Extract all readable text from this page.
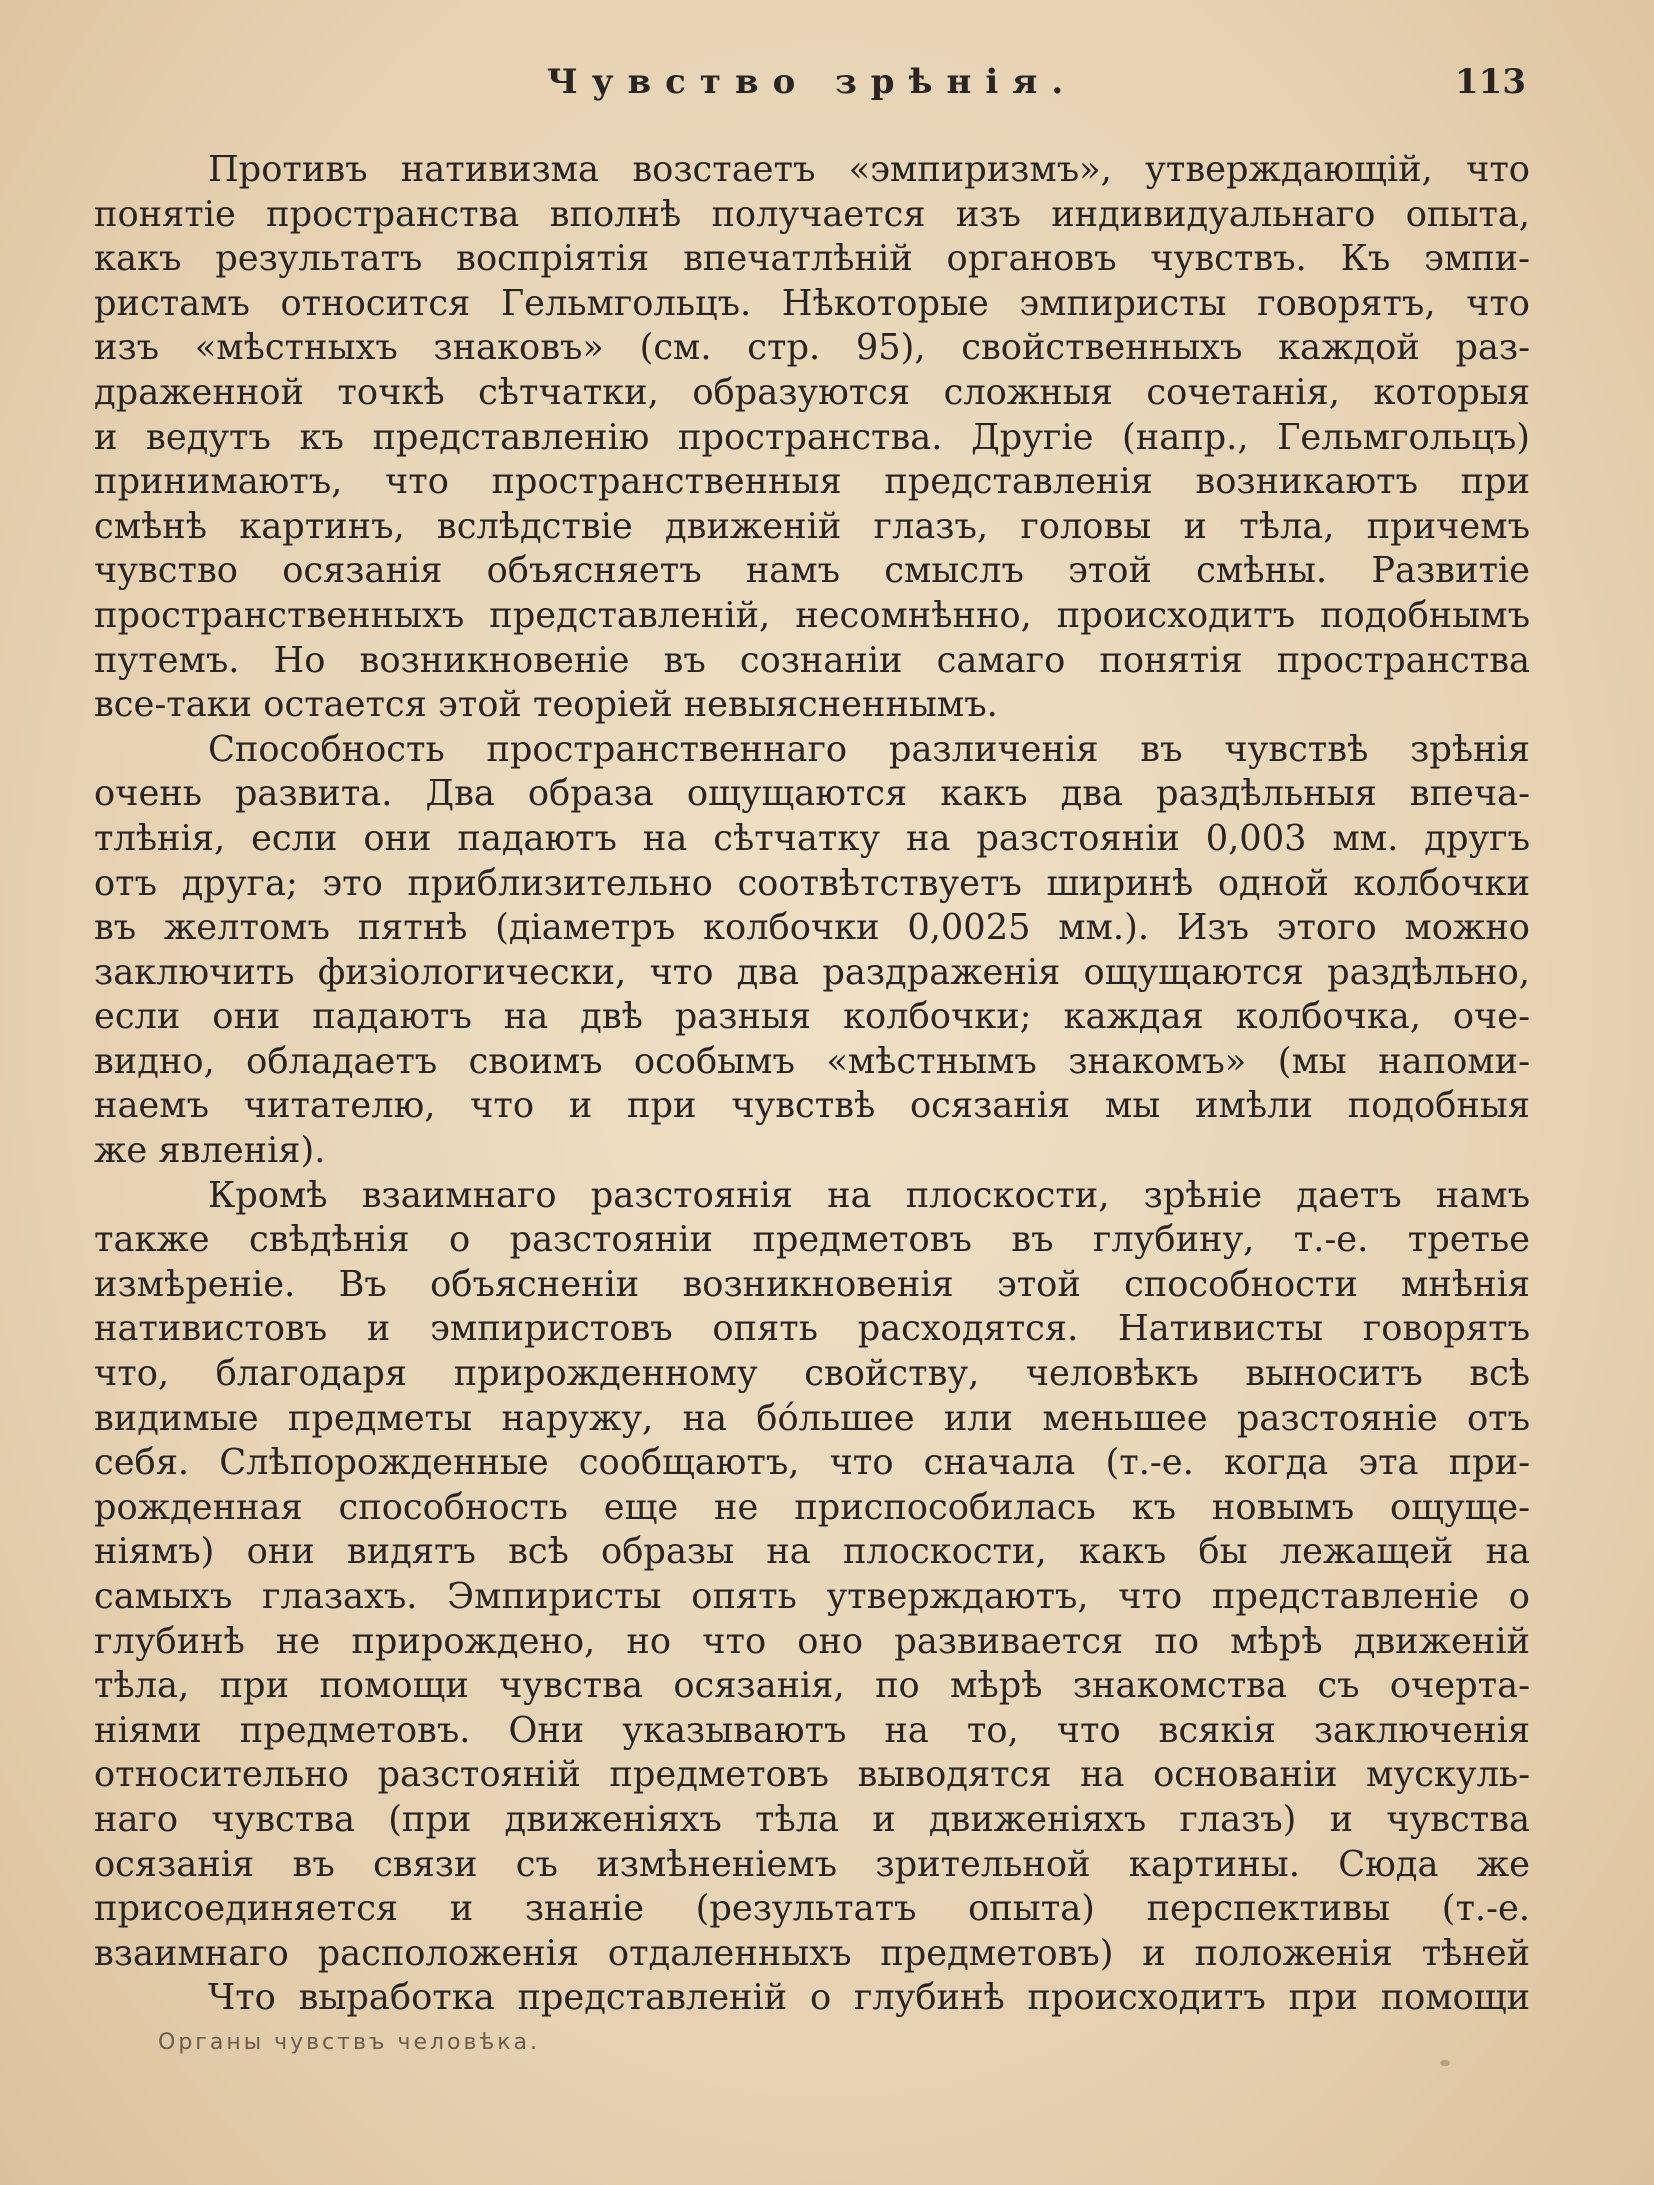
Чувство зрѣнія.	113
Противъ нативизма возстаетъ «эмпиризмъ», утверждающій, что
понятіе пространства вполнѣ получается изъ индивидуальнаго опыта,
какъ результатъ воспріятія впечатлѣній органовъ чувствъ. Къ эмпи-
ристамъ относится Гельмгольцъ. Нѣкоторые эмпиристы говорятъ, что
изъ «мѣстныхъ знаковъ» (см. стр. 95), свойственныхъ каждой раз-
драженной точкѣ сѣтчатки, образуются сложныя сочетанія, которыя
и ведутъ къ представленію пространства. Другіе (напр., Гельмгольцъ)
принимаютъ, что пространственныя представленія возникаютъ при
смѣнѣ картинъ, вслѣдствіе движеній глазъ, головы и тѣла, причемъ
чувство осязанія объясняетъ намъ смыслъ этой смѣны. Развитіе
пространственныхъ представленій, несомнѣнно, происходитъ подобнымъ
путемъ. Но возникновеніе въ сознаніи самаго понятія пространства
все-таки остается этой теоріей невыясненнымъ.
Способность пространственнаго различенія въ чувствѣ зрѣнія
очень развита. Два образа ощущаются какъ два раздѣльныя впеча-
тлѣнія, если они падаютъ на сѣтчатку на разстояніи 0,003 мм. другъ
отъ друга; это приблизительно соотвѣтствуетъ ширинѣ одной колбочки
въ желтомъ пятнѣ (діаметръ колбочки 0,0025 мм.). Изъ этого можно
заключить физіологически, что два раздраженія ощущаются раздѣльно,
если они падаютъ на двѣ разныя колбочки; каждая колбочка, оче-
видно, обладаетъ своимъ особымъ «мѣстнымъ знакомъ» (мы напоми-
наемъ читателю, что и при чувствѣ осязанія мы имѣли подобныя
же явленія).
Кромѣ взаимнаго разстоянія на плоскости, зрѣніе даетъ намъ
также свѣдѣнія о разстояніи предметовъ въ глубину, т.-е. третье
измѣреніе. Въ объясненіи возникновенія этой способности мнѣнія
нативистовъ и эмпиристовъ опять расходятся. Нативисты говорятъ
что, благодаря прирожденному свойству, человѣкъ выноситъ всѣ
видимые предметы наружу, на бóльшее или меньшее разстояніе отъ
себя. Слѣпорожденные сообщаютъ, что сначала (т.-е. когда эта при-
рожденная способность еще не приспособилась къ новымъ ощуще-
ніямъ) они видятъ всѣ образы на плоскости, какъ бы лежащей на
самыхъ глазахъ. Эмпиристы опять утверждаютъ, что представленіе о
глубинѣ не прирождено, но что оно развивается по мѣрѣ движеній
тѣла, при помощи чувства осязанія, по мѣрѣ знакомства съ очерта-
ніями предметовъ. Они указываютъ на то, что всякія заключенія
относительно разстояній предметовъ выводятся на основаніи мускуль-
наго чувства (при движеніяхъ тѣла и движеніяхъ глазъ) и чувства
осязанія въ связи съ измѣненіемъ зрительной картины. Сюда же
присоединяется и знаніе (результатъ опыта) перспективы (т.-е.
взаимнаго расположенія отдаленныхъ предметовъ) и положенія тѣней
Что выработка представленій о глубинѣ происходитъ при помощи
Органы чувствъ человѣка.
